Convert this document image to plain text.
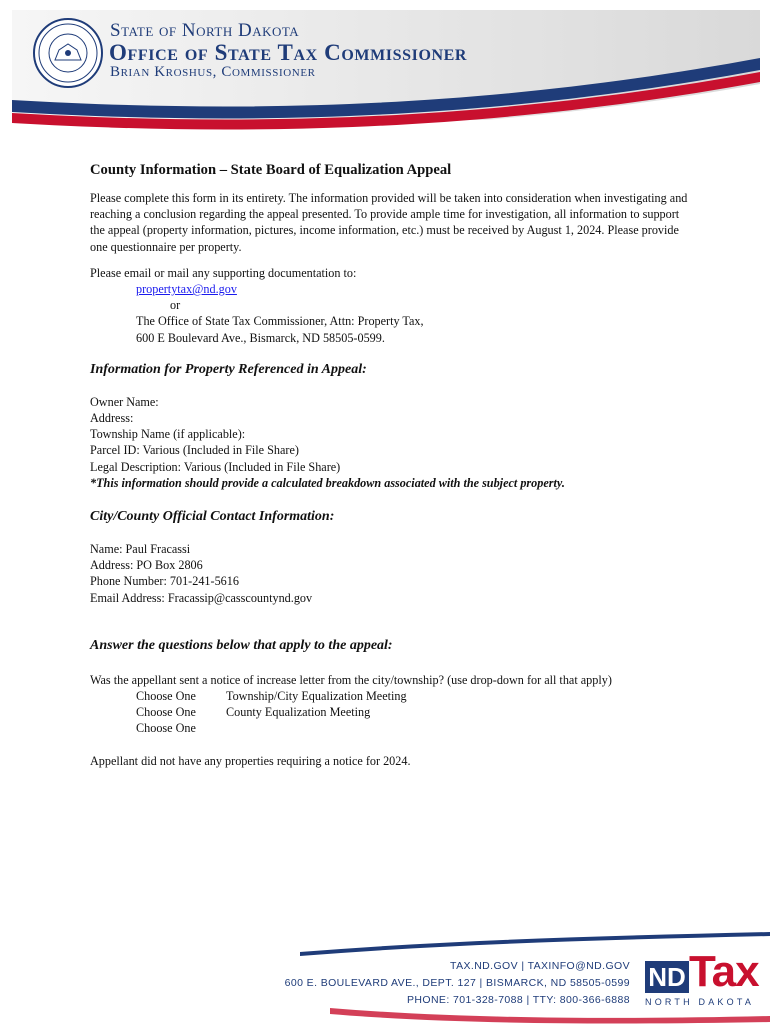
State of North Dakota
Office of State Tax Commissioner
Brian Kroshus, Commissioner
County Information – State Board of Equalization Appeal

Please complete this form in its entirety. The information provided will be taken into consideration when investigating and reaching a conclusion regarding the appeal presented. To provide ample time for investigation, all information to support the appeal (property information, pictures, income information, etc.) must be received by August 1, 2024. Please provide one questionnaire per property.

Please email or mail any supporting documentation to:

propertytax@nd.gov

or

The Office of State Tax Commissioner, Attn: Property Tax,

600 E Boulevard Ave., Bismarck, ND 58505-0599.

Information for Property Referenced in Appeal:

Owner Name:

Address:

Township Name (if applicable):

Parcel ID: Various (Included in File Share)

Legal Description: Various (Included in File Share)

*This information should provide a calculated breakdown associated with the subject property.

City/County Official Contact Information:

Name: Paul Fracassi

Address: PO Box 2806

Phone Number: 701-241-5616

Email Address: Fracassip@casscountynd.gov

Answer the questions below that apply to the appeal:

Was the appellant sent a notice of increase letter from the city/township? (use drop-down for all that apply)

Choose One	Township/City Equalization Meeting
Choose One	County Equalization Meeting
Choose One

Appellant did not have any properties requiring a notice for 2024.

TAX.ND.GOV | TAXINFO@ND.GOV
600 E. BOULEVARD AVE., DEPT. 127 | BISMARCK, ND 58505-0599
PHONE: 701-328-7088 | TTY: 800-366-6888
ND Tax
NORTH DAKOTA
